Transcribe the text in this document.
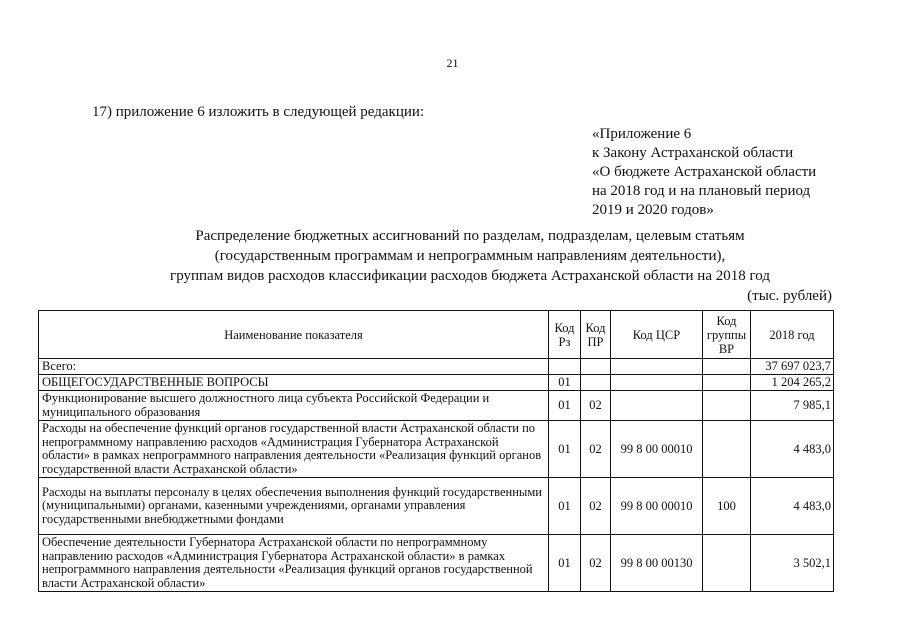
21
17) приложение 6 изложить в следующей редакции:
«Приложение 6
к Закону Астраханской области
«О бюджете Астраханской области
на 2018 год и на плановый период
2019 и 2020 годов»
Распределение бюджетных ассигнований по разделам, подразделам, целевым статьям
(государственным программам и непрограммным направлениям деятельности),
группам видов расходов классификации расходов бюджета Астраханской области на 2018 год
(тыс. рублей)
Наименование показателя	Код Рз	Код ПР	Код ЦСР	Код группы ВР	2018 год
Всего:					37 697 023,7
ОБЩЕГОСУДАРСТВЕННЫЕ ВОПРОСЫ	01				1 204 265,2
Функционирование высшего должностного лица субъекта Российской Федерации и муниципального образования	01	02			7 985,1
Расходы на обеспечение функций органов государственной власти Астраханской области по непрограммному направлению расходов «Администрация Губернатора Астраханской области» в рамках непрограммного направления деятельности «Реализация функций органов государственной власти Астраханской области»	01	02	99 8 00 00010		4 483,0
Расходы на выплаты персоналу в целях обеспечения выполнения функций государственными (муниципальными) органами, казенными учреждениями, органами управления государственными внебюджетными фондами	01	02	99 8 00 00010	100	4 483,0
Обеспечение деятельности Губернатора Астраханской области по непрограммному направлению расходов «Администрация Губернатора Астраханской области» в рамках непрограммного направления деятельности «Реализация функций органов государственной власти Астраханской области»	01	02	99 8 00 00130		3 502,1
